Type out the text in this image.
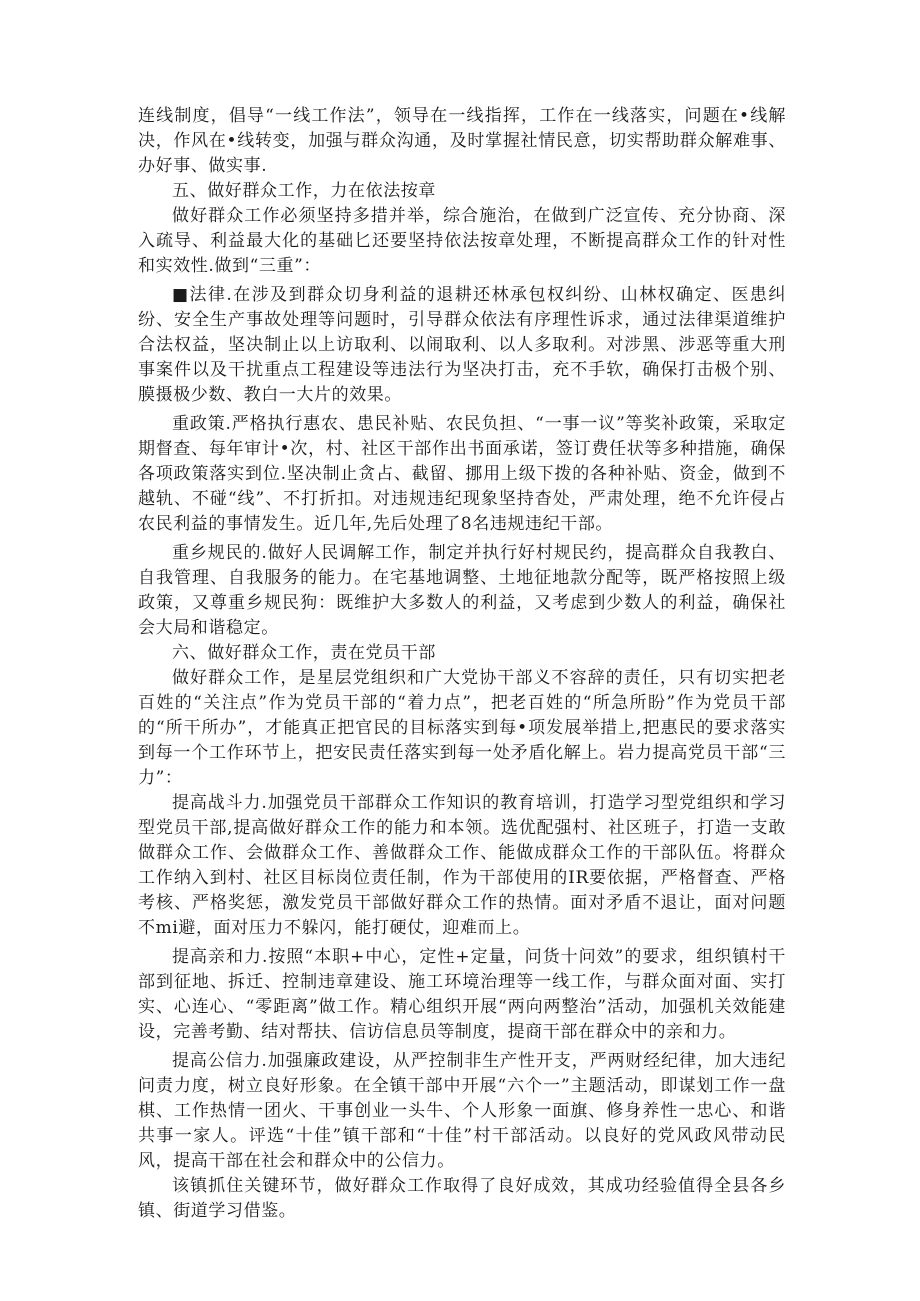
连线制度，倡导“一线工作法”，领导在一线指挥，工作在一线落实，问题在•线解决，作风在•线转变，加强与群众沟通，及时掌握社情民意，切实帮助群众解难事、办好事、做实事.

五、做好群众工作，力在依法按章

做好群众工作必须坚持多措并举，综合施治，在做到广泛宣传、充分协商、深入疏导、利益最大化的基础匕还要坚持依法按章处理，不断提高群众工作的针对性和实效性.做到“三重”：

■法律.在涉及到群众切身利益的退耕还林承包权纠纷、山林权确定、医患纠纷、安全生产事故处理等问题时，引导群众依法有序理性诉求，通过法律渠道维护合法权益，坚决制止以上访取利、以闹取利、以人多取利。对涉黑、涉恶等重大刑事案件以及干扰重点工程建设等违法行为坚决打击，充不手软，确保打击极个别、膜摄极少数、教白一大片的效果。

重政策.严格执行惠农、患民补贴、农民负担、“一事一议”等奖补政策，采取定期督查、每年审计•次，村、社区干部作出书面承诺，签订费任状等多种措施，确保各项政策落实到位.坚决制止贪占、截留、挪用上级下拨的各种补贴、资金，做到不越轨、不碰“线”、不打折扣。对违规违纪现象坚持杳处，严肃处理，绝不允许侵占农民利益的事情发生。近几年,先后处理了8名违规违纪干部。

重乡规民的.做好人民调解工作，制定并执行好村规民约，提高群众自我教白、自我管理、自我服务的能力。在宅基地调整、土地征地款分配等，既严格按照上级政策，又尊重乡规民狗：既维护大多数人的利益，又考虑到少数人的利益，确保社会大局和谐稳定。

六、做好群众工作，责在党员干部

做好群众工作，是星层党组织和广大党协干部义不容辞的责任，只有切实把老百姓的“关注点”作为党员干部的“着力点”，把老百姓的“所急所盼”作为党员干部的“所干所办”，才能真正把官民的目标落实到每•项发展举措上,把惠民的要求落实到每一个工作环节上，把安民责任落实到每一处矛盾化解上。岩力提高党员干部“三力”：

提高战斗力.加强党员干部群众工作知识的教育培训，打造学习型党组织和学习型党员干部,提高做好群众工作的能力和本领。选优配强村、社区班子，打造一支敢做群众工作、会做群众工作、善做群众工作、能做成群众工作的干部队伍。将群众工作纳入到村、社区目标岗位责任制，作为干部使用的IR要依据，严格督查、严格考核、严格奖惩，激发党员干部做好群众工作的热情。面对矛盾不退让，面对问题不mi避，面对压力不躲闪，能打硬仗，迎难而上。

提高亲和力.按照“本职+中心，定性+定量，问货十问效”的要求，组织镇村干部到征地、拆迁、控制违章建设、施工环境治理等一线工作，与群众面对面、实打实、心连心、“零距离”做工作。精心组织开展“两向两整治”活动，加强机关效能建设，完善考勤、结对帮扶、信访信息员等制度，提商干部在群众中的亲和力。

提高公信力.加强廉政建设，从严控制非生产性开支，严两财经纪律，加大违纪问责力度，树立良好形象。在全镇干部中开展“六个一”主题活动，即谋划工作一盘棋、工作热情一团火、干事创业一头牛、个人形象一面旗、修身养性一忠心、和谐共事一家人。评选“十佳”镇干部和“十佳”村干部活动。以良好的党风政风带动民风，提高干部在社会和群众中的公信力。

该镇抓住关键环节，做好群众工作取得了良好成效，其成功经验值得全县各乡镇、街道学习借鉴。
